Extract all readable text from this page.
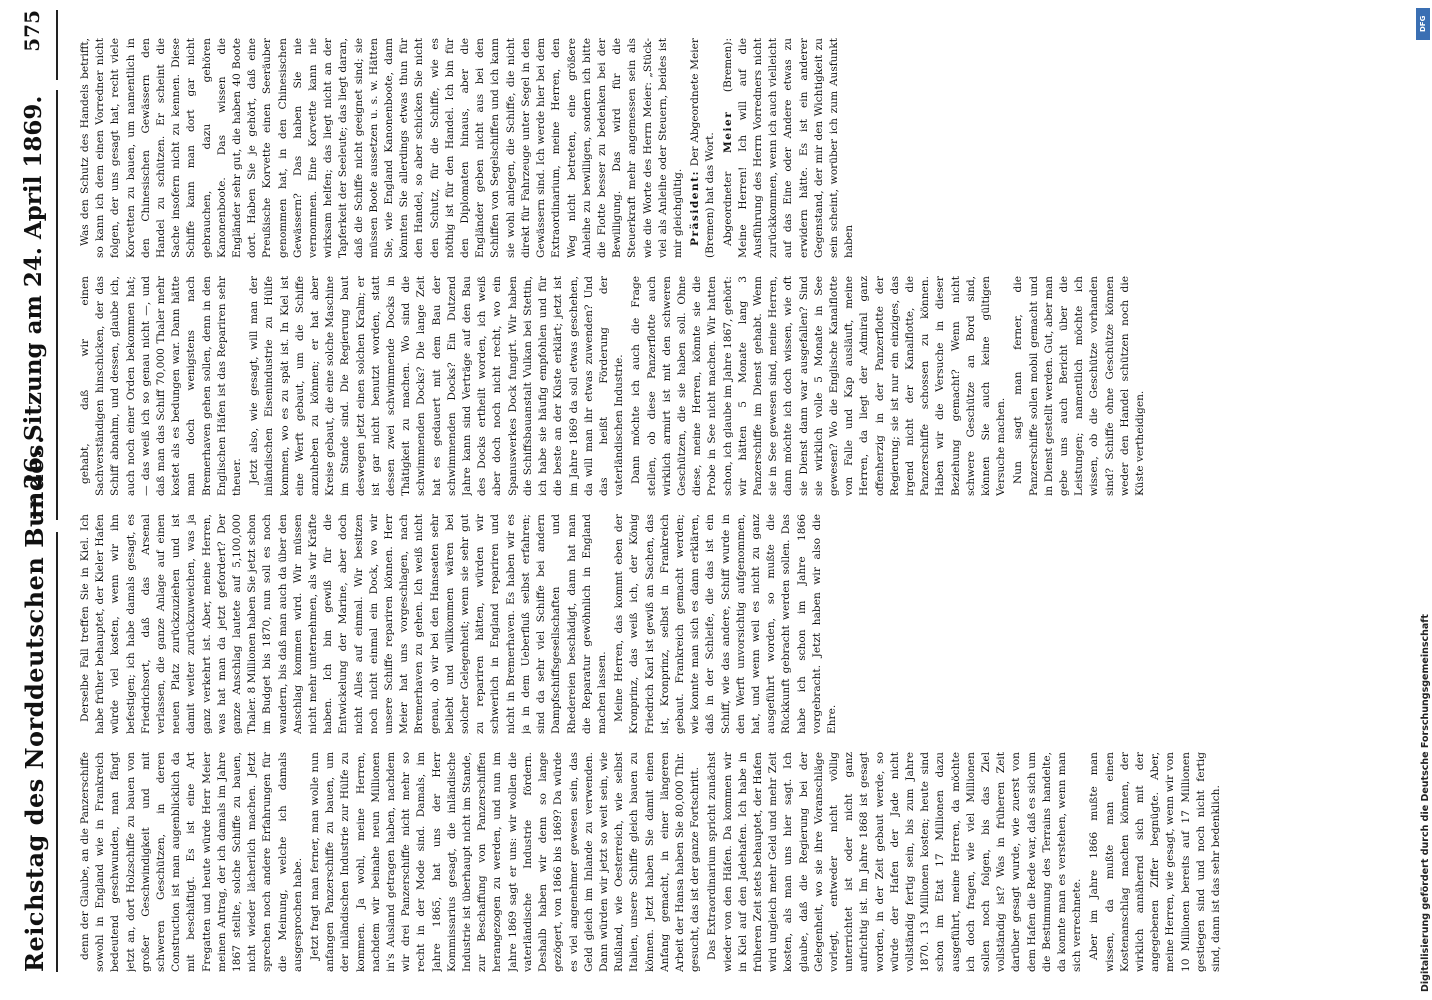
Reichstag des Norddeutschen Bundes.
— 26. Sitzung am 24. April 1869.
575

denn der Glaube, an die Panzerschiffe sowohl in England wie in Frankreich bedeutend geschwunden, man fängt jetzt an, dort Holzschiffe zu bauen von großer Geschwindigkeit und mit schweren Geschützen, in deren Construction ist man augenblicklich da mit beschäftigt. Es ist eine Art Fregatten und heute würde Herr Meier meinen Antrag, der ich damals im Jahre 1867 stellte, solche Schiffe zu bauen, nicht wieder lächerlich machen. Jetzt sprechen noch andere Erfahrungen für die Meinung, welche ich damals ausgesprochen habe. Jetzt fragt man ferner, man wolle nun anfangen Panzerschiffe zu bauen, um der inländischen Industrie zur Hülfe zu kommen. Ja wohl, meine Herren, nachdem wir beinahe neun Millionen in's Ausland getragen haben, nachdem wir drei Panzerschiffe nicht mehr so recht in der Mode sind. Damals, im Jahre 1865, hat uns der Herr Kommissarius gesagt, die inländische Industrie ist überhaupt nicht im Stande, zur Beschaffung von Panzerschiffen herangezogen zu werden, und nun im Jahre 1869 sagt er uns: wir wollen die vaterländische Industrie fördern. Deshalb haben wir denn so lange gezögert, von 1866 bis 1869? Da würde es viel angenehmer gewesen sein, das Geld gleich im Inlande zu verwenden. Dann würden wir jetzt so weit sein, wie Rußland, wie Oesterreich, wie selbst Italien, unsere Schiffe gleich bauen zu können. Jetzt haben Sie damit einen Anfang gemacht, in einer längeren Arbeit der Hansa haben Sie 80,000 Thlr. gesucht, das ist der ganze Fortschritt. Das Extraordinarium spricht zunächst wieder von den Häfen. Da kommen wir in Kiel auf den Jadehafen. Ich habe in früheren Zeit stets behauptet, der Hafen wird ungleich mehr Geld und mehr Zeit kosten, als man uns hier sagt. Ich glaube, daß die Regierung bei der Gelegenheit, wo sie ihre Voranschläge vorlegt, entweder nicht völlig unterrichtet ist oder nicht ganz aufrichtig ist. Im Jahre 1868 ist gesagt worden, in der Zeit gebaut werde, so würde der Hafen der Jade nicht vollständig fertig sein, bis zum Jahre 1870. 13 Millionen kosten; heute sind schon im Etat 17 Millionen dazu ausgeführt, meine Herren, da möchte ich doch fragen, wie viel Millionen sollen noch folgen, bis das Ziel vollständig ist? Was in früheren Zeit darüber gesagt wurde, wie zuerst von dem Hafen die Rede war, daß es sich um die Bestimmung des Terrains handelte, da konnte man es verstehen, wenn man sich verrechnete. Aber im Jahre 1866 mußte man wissen, da mußte man einen Kostenanschlag machen können, der wirklich annähernd sich mit der angegebenen Ziffer begnügte. Aber, meine Herren, wie gesagt, wenn wir von 10 Millionen bereits auf 17 Millionen gestiegen sind und noch nicht fertig sind, dann ist das sehr bedenklich.

Derselbe Fall treffen Sie in Kiel. Ich habe früher behauptet, der Kieler Hafen würde viel kosten, wenn wir ihn befestigen; ich habe damals gesagt, es Friedrichsort, daß das Arsenal verlassen, die ganze Anlage auf einen neuen Platz zurückzuziehen und ist damit weiter zurückzuweichen, was ja ganz verkehrt ist. Aber, meine Herren, was hat man da jetzt gefordert? Der ganze Anschlag lautete auf 5,100,000 Thaler. 8 Millionen haben Sie jetzt schon im Budget bis 1870, nun soll es noch wandern, bis daß man auch da über den Anschlag kommen wird. Wir müssen nicht mehr unternehmen, als wir Kräfte haben. Ich bin gewiß für die Entwickelung der Marine, aber doch nicht Alles auf einmal. Wir besitzen noch nicht einmal ein Dock, wo wir unsere Schiffe repariren können. Herr Meier hat uns vorgeschlagen, nach Bremerhaven zu gehen. Ich weiß nicht genau, ob wir bei den Hanseaten sehr beliebt und willkommen wären bei solcher Gelegenheit; wenn sie sehr gut zu repariren hätten, würden wir schwerlich in England repariren und nicht in Bremerhaven. Es haben wir es ja in dem Ueberfluß selbst erfahren; sind da sehr viel Schiffe bei andern Dampfschiffsgesellschaften und Rhedereien beschädigt, dann hat man die Reparatur gewöhnlich in England machen lassen. Meine Herren, das kommt eben der Kronprinz, das weiß ich, der König Friedrich Karl ist gewiß an Sachen, das ist, Kronprinz, selbst in Frankreich gebaut. Frankreich gemacht werden; wie konnte man sich es dann erklären, daß in der Schleife, die das ist ein Schiff, wie das andere, Schiff wurde in den Werft unvorsichtig aufgenommen, hat, und wenn weil es nicht zu ganz ausgeführt worden, so mußte die Rückkunft gebracht werden sollen. Das habe ich schon im Jahre 1866 vorgebracht. Jetzt haben wir also die Ehre.

gehabt, daß wir einen Sachverständigen hinschicken, der das Schiff abnahm, und dessen, glaube ich, auch noch einer Orden bekommen hat; — das weiß ich so genau nicht —, und daß man das Schiff 70,000 Thaler mehr kostet als es bedungen war. Dann hätte man doch wenigstens nach Bremerhaven gehen sollen, denn in den Englischen Häfen ist das Repariren sehr theuer. Jetzt also, wie gesagt, will man der inländischen Eisenindustrie zu Hülfe kommen, wo es zu spät ist. In Kiel ist eine Werft gebaut, um die Schiffe anzuheben zu können; er hat aber Kreise gebaut, die eine solche Maschine im Stande sind. Die Regierung baut deswegen jetzt einen solchen Kralm; er ist gar nicht benutzt worden, statt dessen zwei schwimmende Docks in Thätigkeit zu machen. Wo sind die schwimmenden Docks? Die lange Zeit hat es gedauert mit dem Bau der schwimmenden Docks? Ein Dutzend Jahre kann sind Verträge auf den Bau des Docks ertheilt worden, ich weiß aber doch noch nicht recht, wo ein Spanuswerkes Dock fungirt. Wir haben die Schiffsbauanstalt Vulkan bei Stettin, ich habe sie häufig empfohlen und für die beste an der Küste erklärt; jetzt ist im Jahre 1869 da soll etwas geschehen, da will man ihr etwas zuwenden? Und das heißt Förderung der vaterländischen Industrie. Dann möchte ich auch die Frage stellen, ob diese Panzerflotte auch wirklich armirt ist mit den schweren Geschützen, die sie haben soll. Ohne diese, meine Herren, könnte sie die Probe in See nicht machen. Wir hatten schon, ich glaube im Jahre 1867, gehört: wir hätten 5 Monate lang 3 Panzerschiffe im Dienst gehabt. Wenn sie in See gewesen sind, meine Herren, dann möchte ich doch wissen, wie oft sie Dienst dann war ausgefallen? Sind sie wirklich volle 5 Monate in See gewesen? Wo die Englische Kanalflotte von Falle und Kap ausläuft, meine Herren, da liegt der Admiral ganz offenherzig in der Panzerflotte der Regierung; sie ist nur ein einziges, das irgend nicht der Kanalflotte, die Panzerschiffe schossen zu können. Haben wir die Versuche in dieser Beziehung gemacht? Wenn nicht schwere Geschütze an Bord sind, können Sie auch keine gültigen Versuche machen. Nun sagt man ferner, die Panzerschiffe sollen mobil gemacht und in Dienst gestellt werden. Gut, aber man gebe uns auch Bericht über die Leistungen; namentlich möchte ich wissen, ob die Geschütze vorhanden sind? Schiffe ohne Geschütze können weder den Handel schützen noch die Küste vertheidigen.

Was den Schutz des Handels betrifft, so kann ich dem einen Vorredner nicht folgen, der uns gesagt hat, recht viele Korvetten zu bauen, um namentlich in den Chinesischen Gewässern den Handel zu schützen. Er scheint die Sache insofern nicht zu kennen. Diese Schiffe kann man dort gar nicht gebrauchen, dazu gehören Kanonenboote. Das wissen die Engländer sehr gut, die haben 40 Boote dort. Haben Sie je gehört, daß eine Preußische Korvette einen Seeräuber genommen hat, in den Chinesischen Gewässern? Das haben Sie nie vernommen. Eine Korvette kann nie wirksam helfen; das liegt nicht an der Tapferkeit der Seeleute; das liegt daran, daß die Schiffe nicht geeignet sind; sie müssen Boote aussetzen u. s. w. Hätten Sie, wie England Kanonenboote, dann könnten Sie allerdings etwas thun für den Handel, so aber schicken Sie nicht den Schutz, für die Schiffe, wie es nöthig ist für den Handel. Ich bin für den Diplomaten hinaus, aber die Engländer geben nicht aus bei den Schiffen von Segelschiffen und ich kann sie wohl anlegen, die Schiffe, die nicht direkt für Fahrzeuge unter Segel in den Gewässern sind. Ich werde hier bei dem Extraordinarium, meine Herren, den Weg nicht betreten, eine größere Anleihe zu bewilligen, sondern ich bitte die Flotte besser zu bedenken bei der Bewilligung. Das wird für die Steuerkraft mehr angemessen sein als wie die Worte des Herrn Meier: „Stück- viel als Anleihe oder Steuern, beides ist mir gleichgültig. Präsident: Der Abgeordnete Meier (Bremen) hat das Wort. Abgeordneter Meier (Bremen): Meine Herren! Ich will auf die Ausführung des Herrn Vorredners nicht zurückkommen, wenn ich auch vielleicht auf das Eine oder Andere etwas zu erwidern hätte. Es ist ein anderer Gegenstand, der mir den Wichtigkeit zu sein scheint, worüber ich zum Ausfunkt haben

Digitalisierung gefördert durch die Deutsche Forschungsgemeinschaft
DFG
